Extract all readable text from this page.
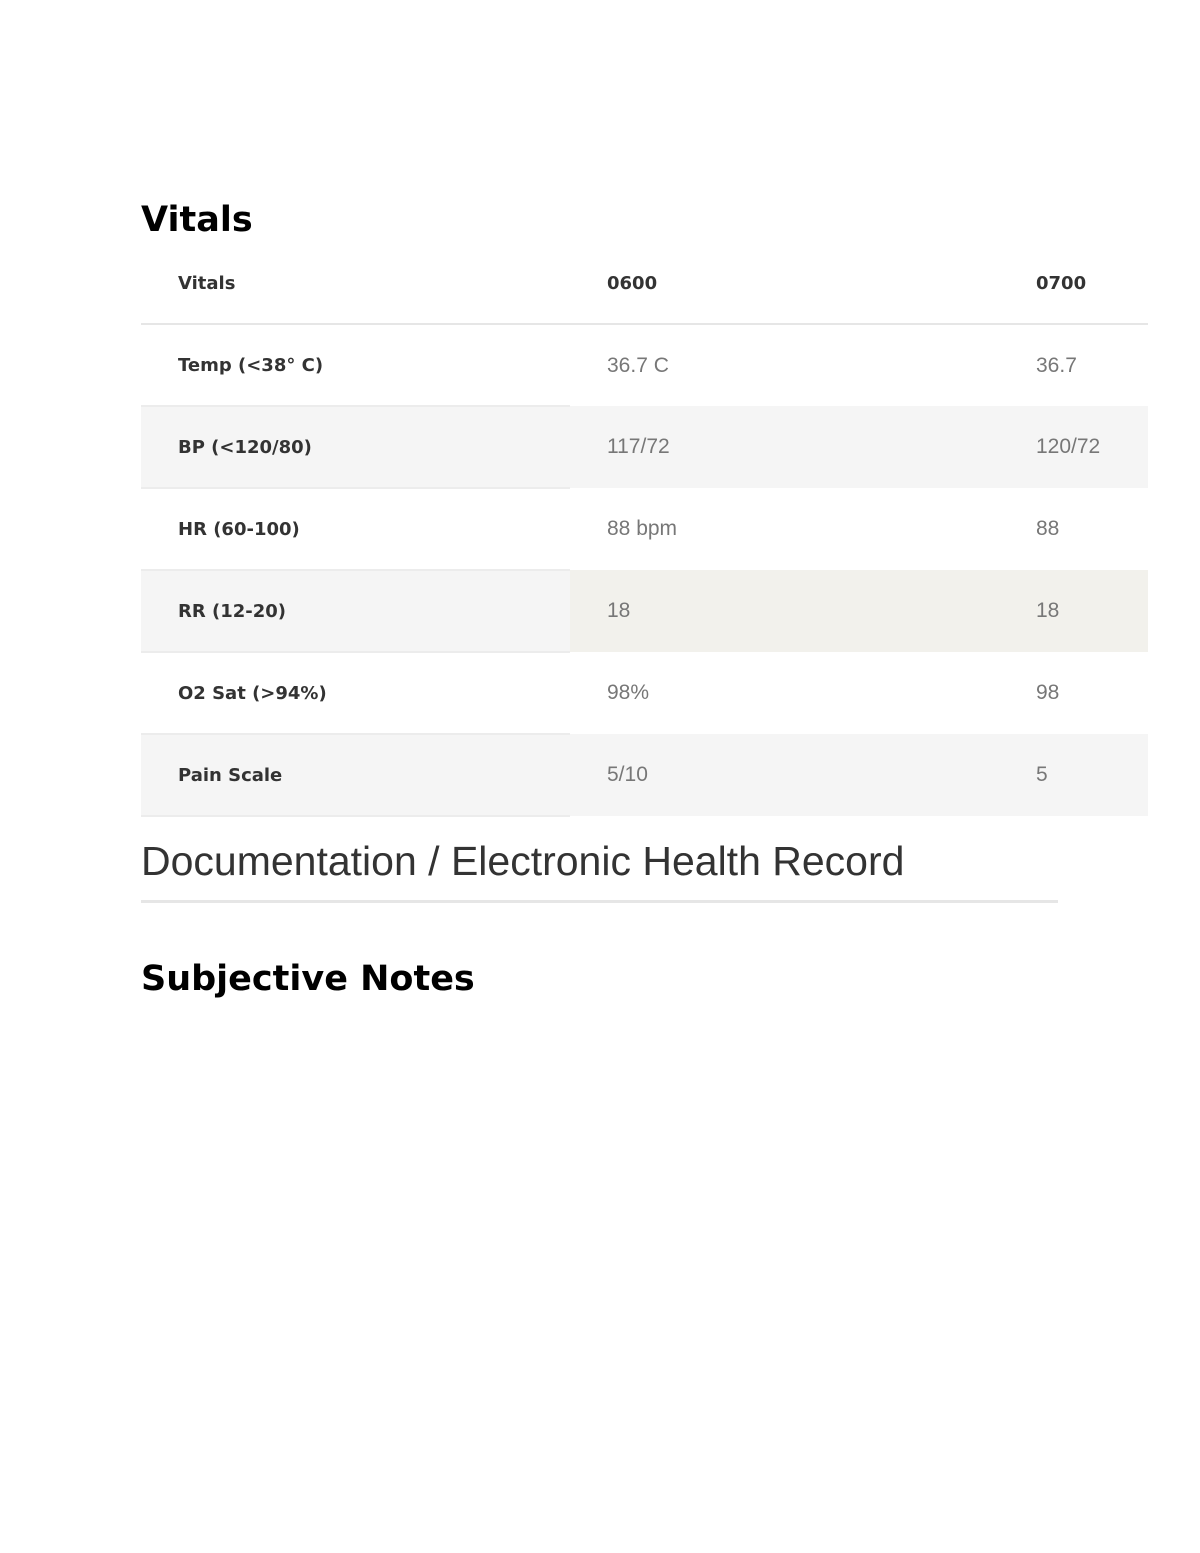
Vitals
Vitals	0600	0700
Temp (<38° C)	36.7 C	36.7
BP (<120/80)	117/72	120/72
HR (60-100)	88 bpm	88
RR (12-20)	18	18
O2 Sat (>94%)	98%	98
Pain Scale	5/10	5
Documentation / Electronic Health Record
Subjective Notes
